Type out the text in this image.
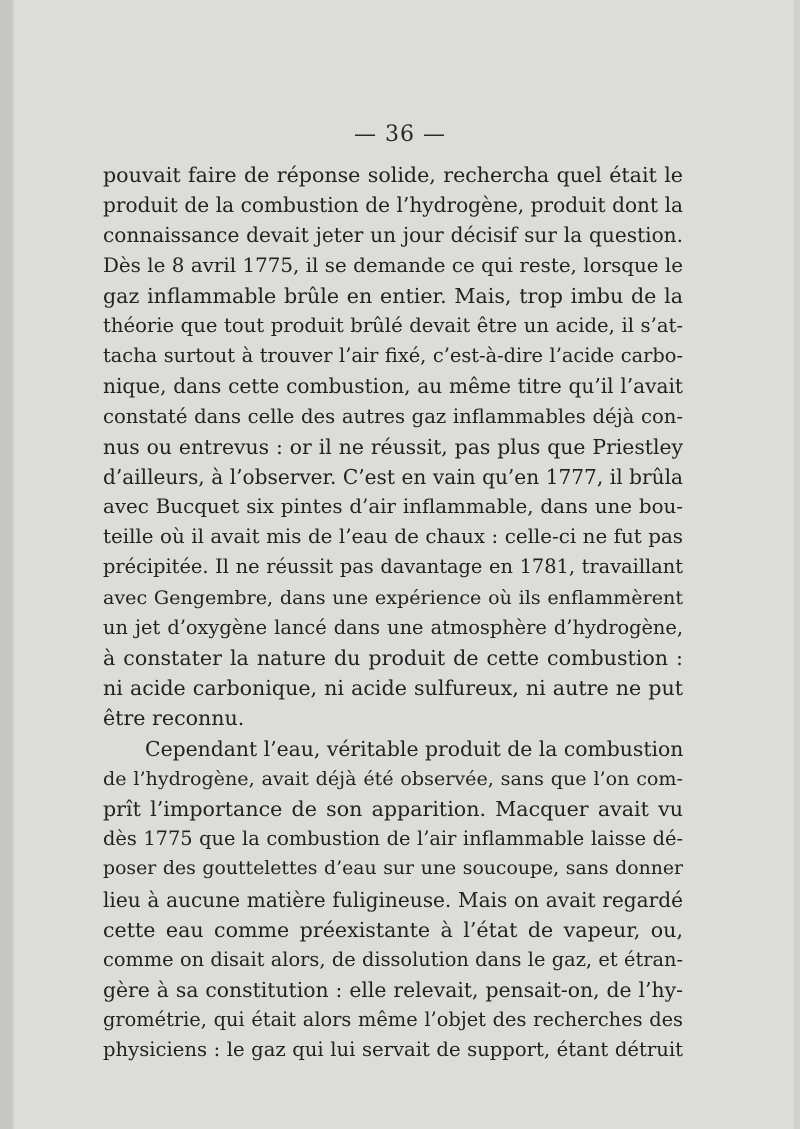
— 36 —
pouvait faire de réponse solide, rechercha quel était le
produit de la combustion de l’hydrogène, produit dont la
connaissance devait jeter un jour décisif sur la question.
Dès le 8 avril 1775, il se demande ce qui reste, lorsque le
gaz inflammable brûle en entier. Mais, trop imbu de la
théorie que tout produit brûlé devait être un acide, il s’at-
tacha surtout à trouver l’air fixé, c’est-à-dire l’acide carbo-
nique, dans cette combustion, au même titre qu’il l’avait
constaté dans celle des autres gaz inflammables déjà con-
nus ou entrevus : or il ne réussit, pas plus que Priestley
d’ailleurs, à l’observer. C’est en vain qu’en 1777, il brûla
avec Bucquet six pintes d’air inflammable, dans une bou-
teille où il avait mis de l’eau de chaux : celle-ci ne fut pas
précipitée. Il ne réussit pas davantage en 1781, travaillant
avec Gengembre, dans une expérience où ils enflammèrent
un jet d’oxygène lancé dans une atmosphère d’hydrogène,
à constater la nature du produit de cette combustion :
ni acide carbonique, ni acide sulfureux, ni autre ne put
être reconnu.
Cependant l’eau, véritable produit de la combustion
de l’hydrogène, avait déjà été observée, sans que l’on com-
prît l’importance de son apparition. Macquer avait vu
dès 1775 que la combustion de l’air inflammable laisse dé-
poser des gouttelettes d’eau sur une soucoupe, sans donner
lieu à aucune matière fuligineuse. Mais on avait regardé
cette eau comme préexistante à l’état de vapeur, ou,
comme on disait alors, de dissolution dans le gaz, et étran-
gère à sa constitution : elle relevait, pensait-on, de l’hy-
grométrie, qui était alors même l’objet des recherches des
physiciens : le gaz qui lui servait de support, étant détruit
